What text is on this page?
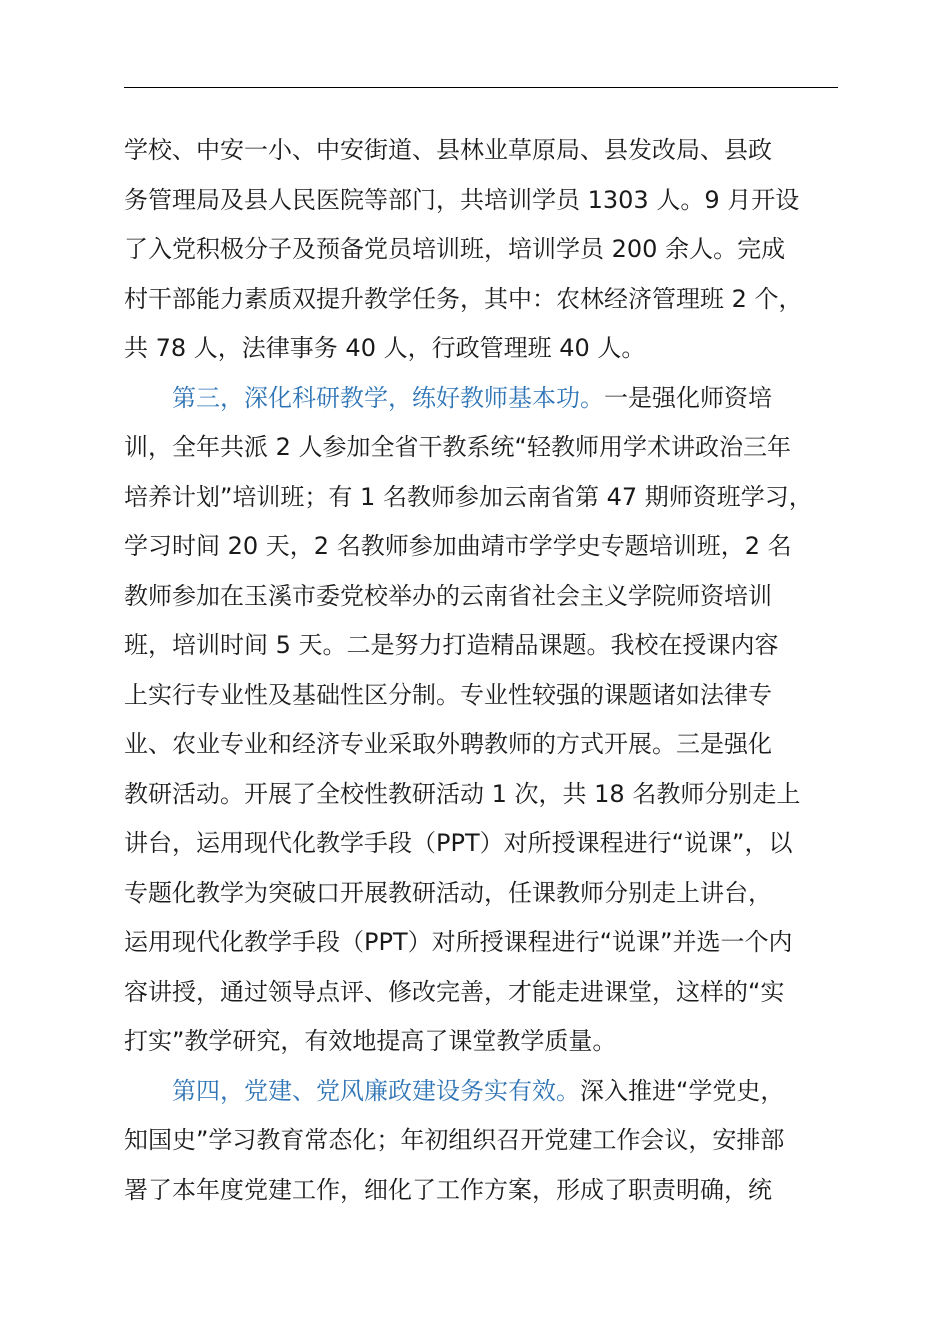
学校、中安一小、中安街道、县林业草原局、县发改局、县政
务管理局及县人民医院等部门，共培训学员 1303 人。9 月开设
了入党积极分子及预备党员培训班，培训学员 200 余人。完成
村干部能力素质双提升教学任务，其中：农林经济管理班 2 个，
共 78 人，法律事务 40 人，行政管理班 40 人。
第三，深化科研教学，练好教师基本功。一是强化师资培
训，全年共派 2 人参加全省干教系统“轻教师用学术讲政治三年
培养计划”培训班；有 1 名教师参加云南省第 47 期师资班学习，
学习时间 20 天，2 名教师参加曲靖市学学史专题培训班，2 名
教师参加在玉溪市委党校举办的云南省社会主义学院师资培训
班，培训时间 5 天。二是努力打造精品课题。我校在授课内容
上实行专业性及基础性区分制。专业性较强的课题诸如法律专
业、农业专业和经济专业采取外聘教师的方式开展。三是强化
教研活动。开展了全校性教研活动 1 次，共 18 名教师分别走上
讲台，运用现代化教学手段（PPT）对所授课程进行“说课”，以
专题化教学为突破口开展教研活动，任课教师分别走上讲台，
运用现代化教学手段（PPT）对所授课程进行“说课”并选一个内
容讲授，通过领导点评、修改完善，才能走进课堂，这样的“实
打实”教学研究，有效地提高了课堂教学质量。
第四，党建、党风廉政建设务实有效。深入推进“学党史，
知国史”学习教育常态化；年初组织召开党建工作会议，安排部
署了本年度党建工作，细化了工作方案，形成了职责明确，统
